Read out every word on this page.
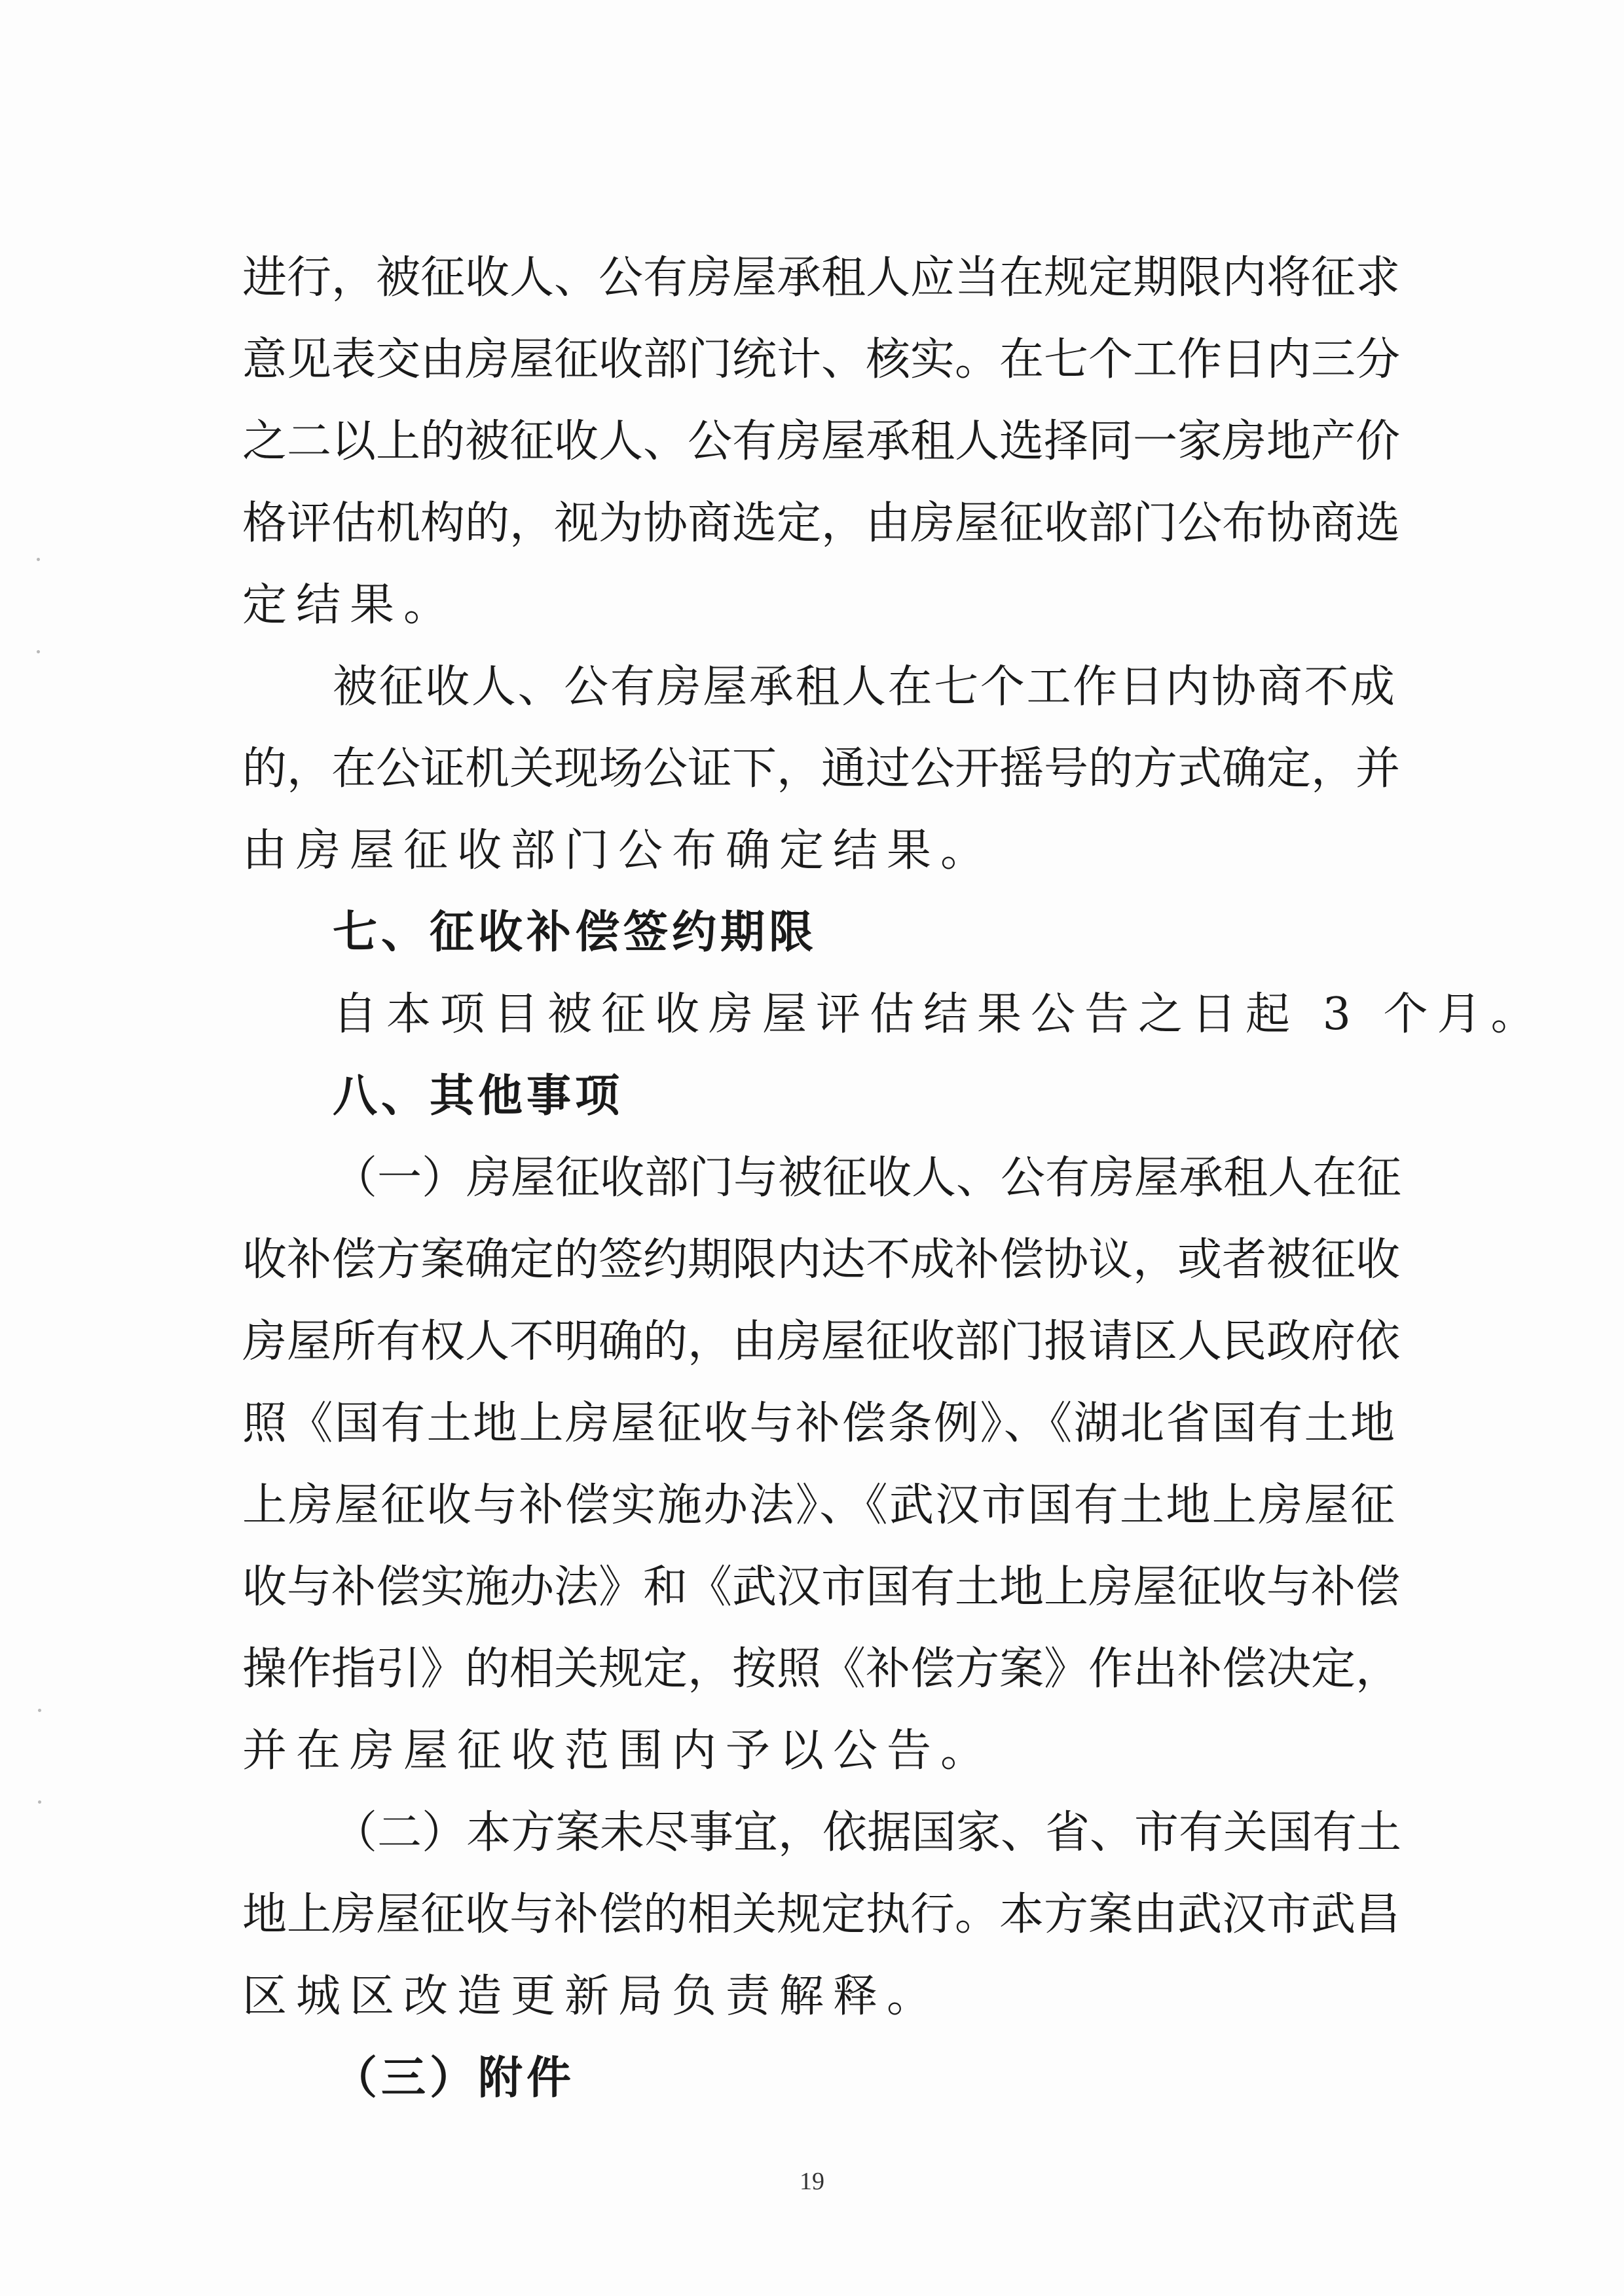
进行，被征收人、公有房屋承租人应当在规定期限内将征求
意见表交由房屋征收部门统计、核实。在七个工作日内三分
之二以上的被征收人、公有房屋承租人选择同一家房地产价
格评估机构的，视为协商选定，由房屋征收部门公布协商选
定结果。
被征收人、公有房屋承租人在七个工作日内协商不成
的，在公证机关现场公证下，通过公开摇号的方式确定，并
由房屋征收部门公布确定结果。
七、征收补偿签约期限
自本项目被征收房屋评估结果公告之日起 3 个月。
八、其他事项
（一）房屋征收部门与被征收人、公有房屋承租人在征
收补偿方案确定的签约期限内达不成补偿协议，或者被征收
房屋所有权人不明确的，由房屋征收部门报请区人民政府依
照《国有土地上房屋征收与补偿条例》、《湖北省国有土地
上房屋征收与补偿实施办法》、《武汉市国有土地上房屋征
收与补偿实施办法》和《武汉市国有土地上房屋征收与补偿
操作指引》的相关规定，按照《补偿方案》作出补偿决定，
并在房屋征收范围内予以公告。
（二）本方案未尽事宜，依据国家、省、市有关国有土
地上房屋征收与补偿的相关规定执行。本方案由武汉市武昌
区城区改造更新局负责解释。
（三）附件
19
